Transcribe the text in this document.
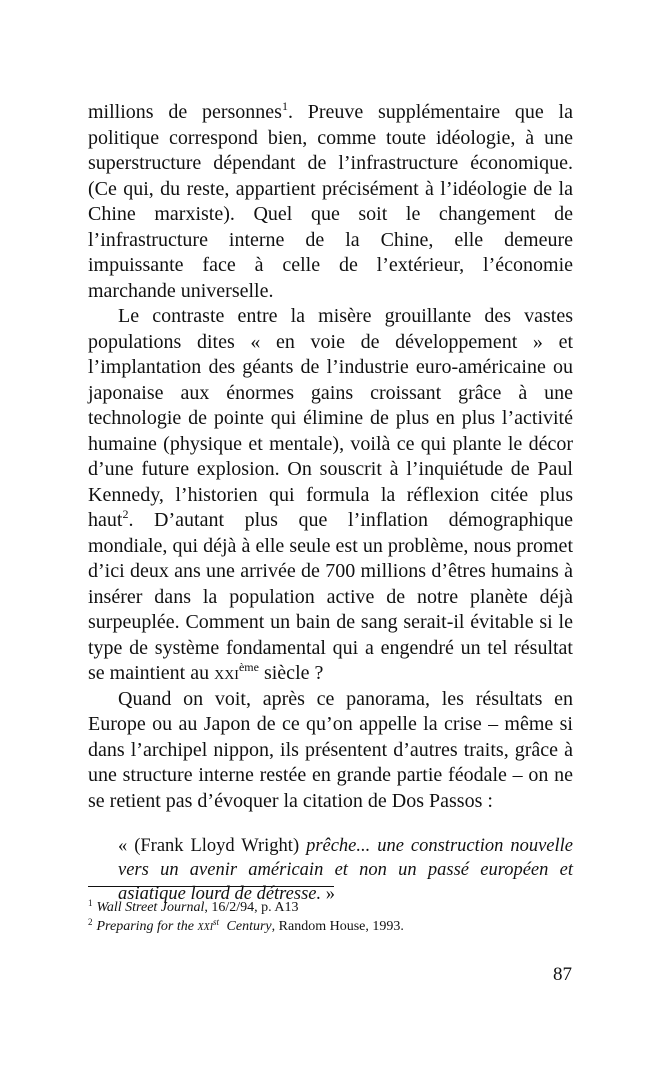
millions de personnes$^1$. Preuve supplémentaire que la politique correspond bien, comme toute idéologie, à une superstructure dépendant de l’infrastructure économique. (Ce qui, du reste, appartient précisément à l’idéologie de la Chine marxiste). Quel que soit le changement de l’infrastructure interne de la Chine, elle demeure impuissante face à celle de l’extérieur, l’économie marchande universelle.

Le contraste entre la misère grouillante des vastes populations dites « en voie de développement » et l’implantation des géants de l’industrie euro-américaine ou japonaise aux énormes gains croissant grâce à une technologie de pointe qui élimine de plus en plus l’activité humaine (physique et mentale), voilà ce qui plante le décor d’une future explosion. On souscrit à l’inquiétude de Paul Kennedy, l’historien qui formula la réflexion citée plus haut$^2$. D’autant plus que l’inflation démographique mondiale, qui déjà à elle seule est un problème, nous promet d’ici deux ans une arrivée de 700 millions d’êtres humains à insérer dans la population active de notre planète déjà surpeuplée. Comment un bain de sang serait-il évitable si le type de système fondamental qui a engendré un tel résultat se maintient au xxi$^{ème}$ siècle ?

Quand on voit, après ce panorama, les résultats en Europe ou au Japon de ce qu’on appelle la crise – même si dans l’archipel nippon, ils présentent d’autres traits, grâce à une structure interne restée en grande partie féodale – on ne se retient pas d’évoquer la citation de Dos Passos :

« (Frank Lloyd Wright) prêche... une construction nouvelle vers un avenir américain et non un passé européen et asiatique lourd de détresse. »

$^1$ Wall Street Journal, 16/2/94, p. A13

$^2$ Preparing for the xxi$^{st}$ Century, Random House, 1993.

87
